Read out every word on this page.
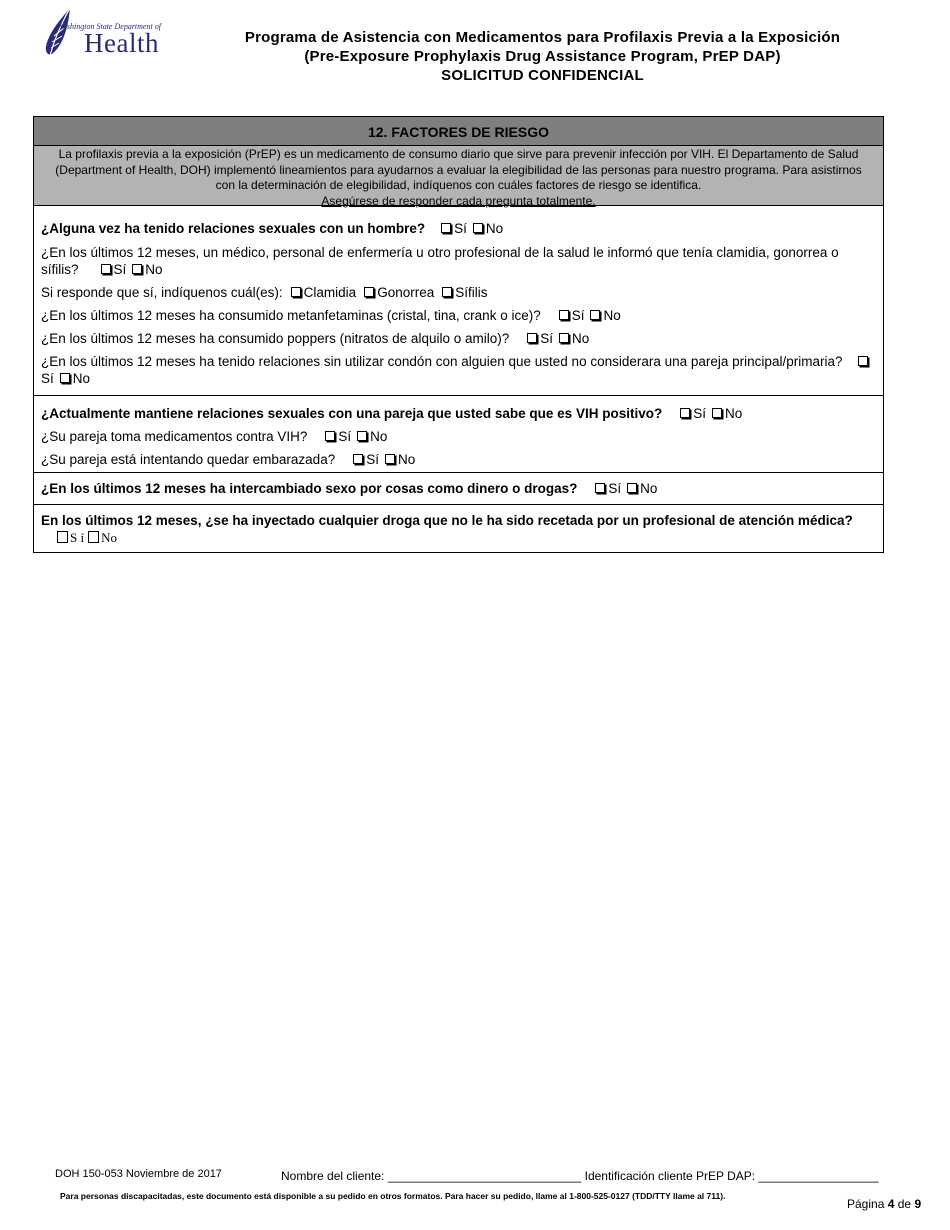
Washington State Department of
Health	Programa de Asistencia con Medicamentos para Profilaxis Previa a la Exposición
(Pre-Exposure Prophylaxis Drug Assistance Program, PrEP DAP)
SOLICITUD CONFIDENCIAL
12. FACTORES DE RIESGO
La profilaxis previa a la exposición (PrEP) es un medicamento de consumo diario que sirve para prevenir infección por VIH. El Departamento de Salud
(Department of Health, DOH) implementó lineamientos para ayudarnos a evaluar la elegibilidad de las personas para nuestro programa. Para asistirnos
con la determinación de elegibilidad, indíquenos con cuáles factores de riesgo se identifica.
Asegúrese de responder cada pregunta totalmente.
¿Alguna vez ha tenido relaciones sexuales con un hombre? Sí No
¿En los últimos 12 meses, un médico, personal de enfermería u otro profesional de la salud le informó que tenía clamidia, gonorrea o sífilis?	Sí No
Si responde que sí, indíquenos cuál(es): Clamidia Gonorrea Sífilis
¿En los últimos 12 meses ha consumido metanfetaminas (cristal, tina, crank o ice)? Sí No
¿En los últimos 12 meses ha consumido poppers (nitratos de alquilo o amilo)? Sí No
¿En los últimos 12 meses ha tenido relaciones sin utilizar condón con alguien que usted no considerara una pareja principal/primaria? Sí No
¿Actualmente mantiene relaciones sexuales con una pareja que usted sabe que es VIH positivo? Sí No
¿Su pareja toma medicamentos contra VIH? Sí No
¿Su pareja está intentando quedar embarazada? Sí No
¿En los últimos 12 meses ha intercambiado sexo por cosas como dinero o drogas? Sí No
En los últimos 12 meses, ¿se ha inyectado cualquier droga que no le ha sido recetada por un profesional de atención médica?S í No
DOH 150-053 Noviembre de 2017	Nombre del cliente: _____________________________ Identificación cliente PrEP DAP: __________________
Para personas discapacitadas, este documento está disponible a su pedido en otros formatos. Para hacer su pedido, llame al 1-800-525-0127 (TDD/TTY llame al 711).
Página 4 de 9
